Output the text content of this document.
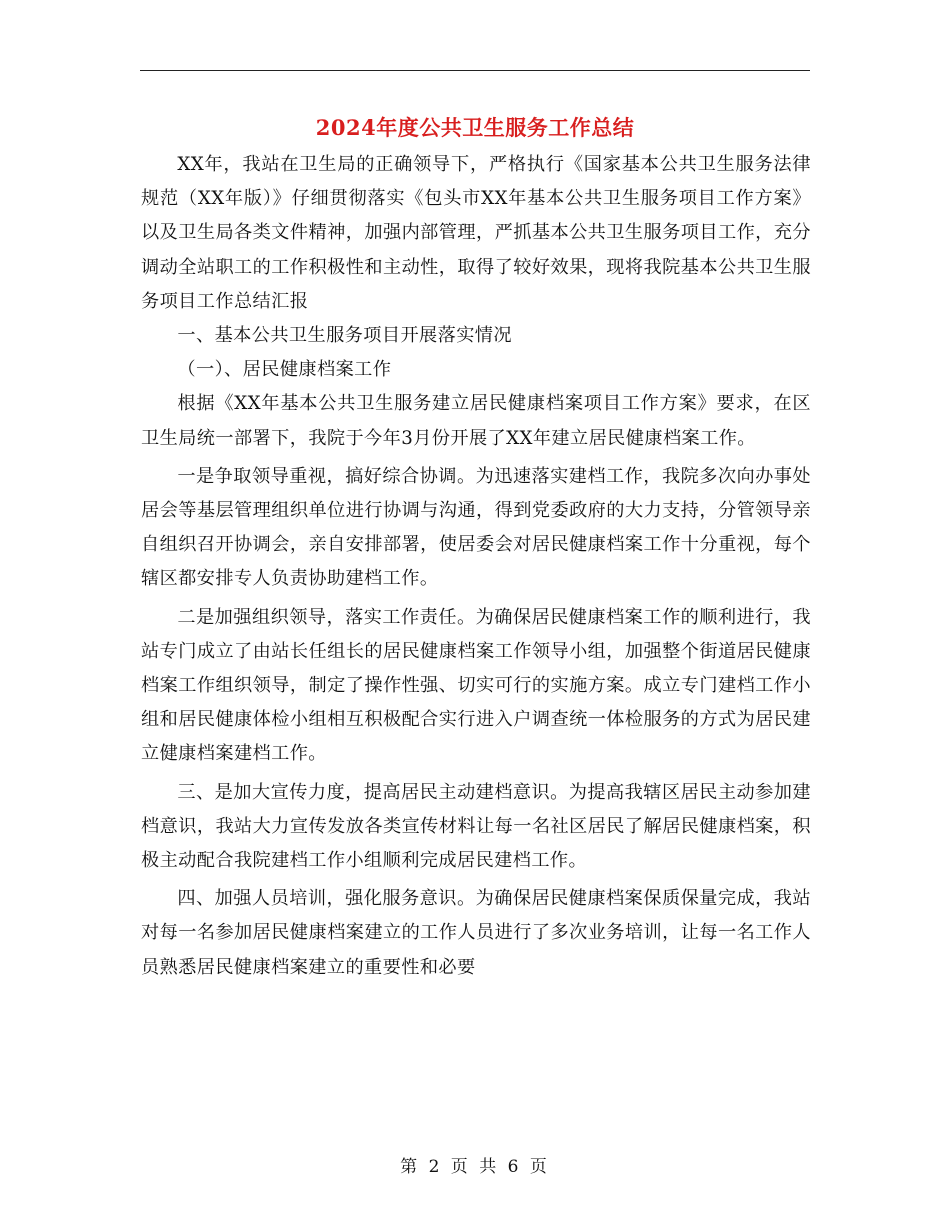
2024年度公共卫生服务工作总结

XX年，我站在卫生局的正确领导下，严格执行《国家基本公共卫生服务法律规范（XX年版）》仔细贯彻落实《包头市XX年基本公共卫生服务项目工作方案》以及卫生局各类文件精神，加强内部管理，严抓基本公共卫生服务项目工作，充分调动全站职工的工作积极性和主动性，取得了较好效果，现将我院基本公共卫生服务项目工作总结汇报

一、基本公共卫生服务项目开展落实情况

（一）、居民健康档案工作

根据《XX年基本公共卫生服务建立居民健康档案项目工作方案》要求，在区卫生局统一部署下，我院于今年3月份开展了XX年建立居民健康档案工作。

一是争取领导重视，搞好综合协调。为迅速落实建档工作，我院多次向办事处 居会等基层管理组织单位进行协调与沟通，得到党委政府的大力支持，分管领导亲自组织召开协调会，亲自安排部署，使居委会对居民健康档案工作十分重视，每个辖区都安排专人负责协助建档工作。

二是加强组织领导，落实工作责任。为确保居民健康档案工作的顺利进行，我站专门成立了由站长任组长的居民健康档案工作领导小组，加强整个街道居民健康档案工作组织领导，制定了操作性强、切实可行的实施方案。成立专门建档工作小组和居民健康体检小组相互积极配合实行进入户调查统一体检服务的方式为居民建立健康档案建档工作。

三、是加大宣传力度，提高居民主动建档意识。为提高我辖区居民主动参加建档意识，我站大力宣传发放各类宣传材料让每一名社区居民了解居民健康档案，积极主动配合我院建档工作小组顺利完成居民建档工作。

四、加强人员培训，强化服务意识。为确保居民健康档案保质保量完成，我站对每一名参加居民健康档案建立的工作人员进行了多次业务培训，让每一名工作人员熟悉居民健康档案建立的重要性和必要

第 2 页 共 6 页
